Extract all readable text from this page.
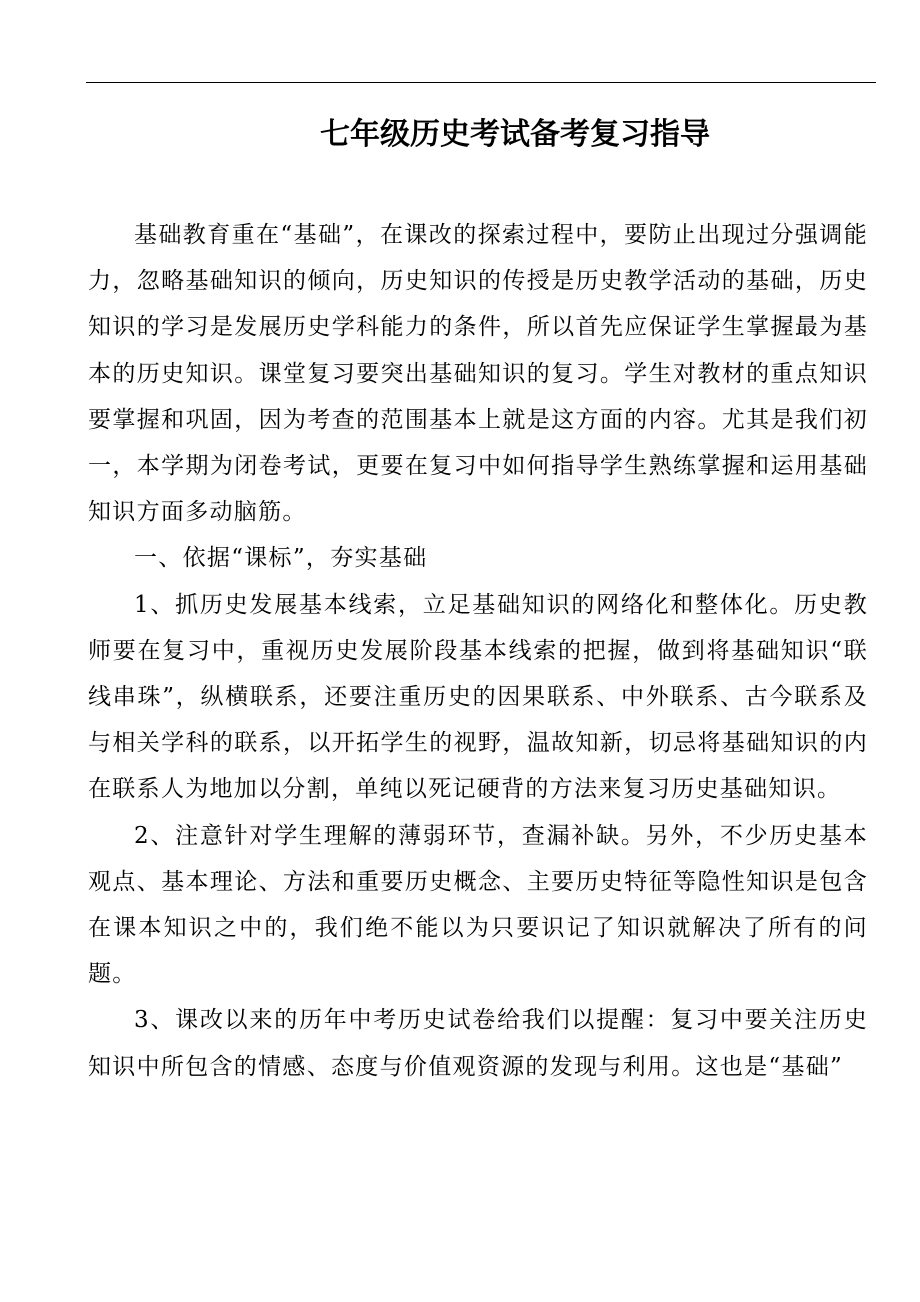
七年级历史考试备考复习指导

基础教育重在“基础”，在课改的探索过程中，要防止出现过分强调能力，忽略基础知识的倾向，历史知识的传授是历史教学活动的基础，历史知识的学习是发展历史学科能力的条件，所以首先应保证学生掌握最为基本的历史知识。课堂复习要突出基础知识的复习。学生对教材的重点知识要掌握和巩固，因为考查的范围基本上就是这方面的内容。尤其是我们初一，本学期为闭卷考试，更要在复习中如何指导学生熟练掌握和运用基础知识方面多动脑筋。

一、依据“课标”，夯实基础

1、抓历史发展基本线索，立足基础知识的网络化和整体化。历史教师要在复习中，重视历史发展阶段基本线索的把握，做到将基础知识“联线串珠”，纵横联系，还要注重历史的因果联系、中外联系、古今联系及与相关学科的联系，以开拓学生的视野，温故知新，切忌将基础知识的内在联系人为地加以分割，单纯以死记硬背的方法来复习历史基础知识。

2、注意针对学生理解的薄弱环节，查漏补缺。另外，不少历史基本观点、基本理论、方法和重要历史概念、主要历史特征等隐性知识是包含在课本知识之中的，我们绝不能以为只要识记了知识就解决了所有的问题。

3、课改以来的历年中考历史试卷给我们以提醒：复习中要关注历史知识中所包含的情感、态度与价值观资源的发现与利用。这也是“基础”
